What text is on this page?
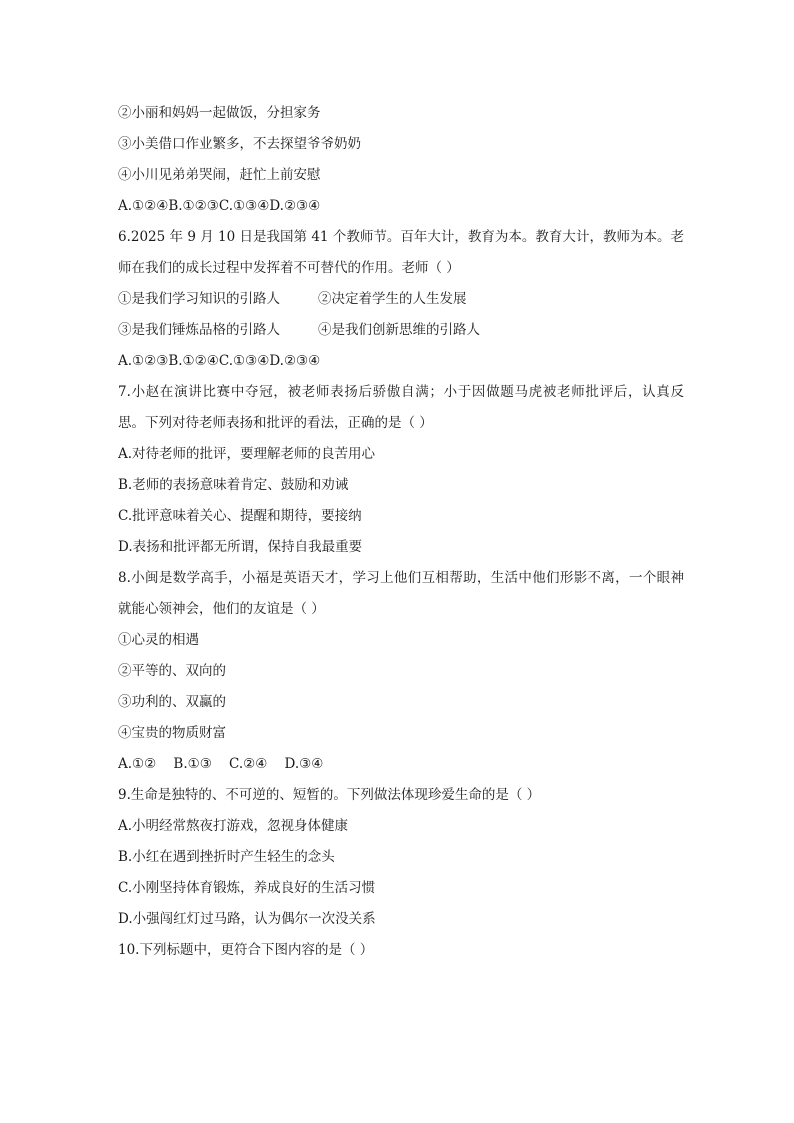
②小丽和妈妈一起做饭，分担家务
③小美借口作业繁多，不去探望爷爷奶奶
④小川见弟弟哭闹，赶忙上前安慰
A.①②④B.①②③C.①③④D.②③④
6.2025 年 9 月 10 日是我国第 41 个教师节。百年大计，教育为本。教育大计，教师为本。老师在我们的成长过程中发挥着不可替代的作用。老师（ ）
①是我们学习知识的引路人	②决定着学生的人生发展
③是我们锤炼品格的引路人	④是我们创新思维的引路人
A.①②③B.①②④C.①③④D.②③④
7.小赵在演讲比赛中夺冠，被老师表扬后骄傲自满；小于因做题马虎被老师批评后，认真反思。下列对待老师表扬和批评的看法，正确的是（ ）
A.对待老师的批评，要理解老师的良苦用心
B.老师的表扬意味着肯定、鼓励和劝诫
C.批评意味着关心、提醒和期待，要接纳
D.表扬和批评都无所谓，保持自我最重要
8.小闽是数学高手，小福是英语天才，学习上他们互相帮助，生活中他们形影不离，一个眼神就能心领神会，他们的友谊是（ ）
①心灵的相遇
②平等的、双向的
③功利的、双赢的
④宝贵的物质财富
A.①②    B.①③    C.②④    D.③④
9.生命是独特的、不可逆的、短暂的。下列做法体现珍爱生命的是（ ）
A.小明经常熬夜打游戏，忽视身体健康
B.小红在遇到挫折时产生轻生的念头
C.小刚坚持体育锻炼，养成良好的生活习惯
D.小强闯红灯过马路，认为偶尔一次没关系
10.下列标题中，更符合下图内容的是（ ）
